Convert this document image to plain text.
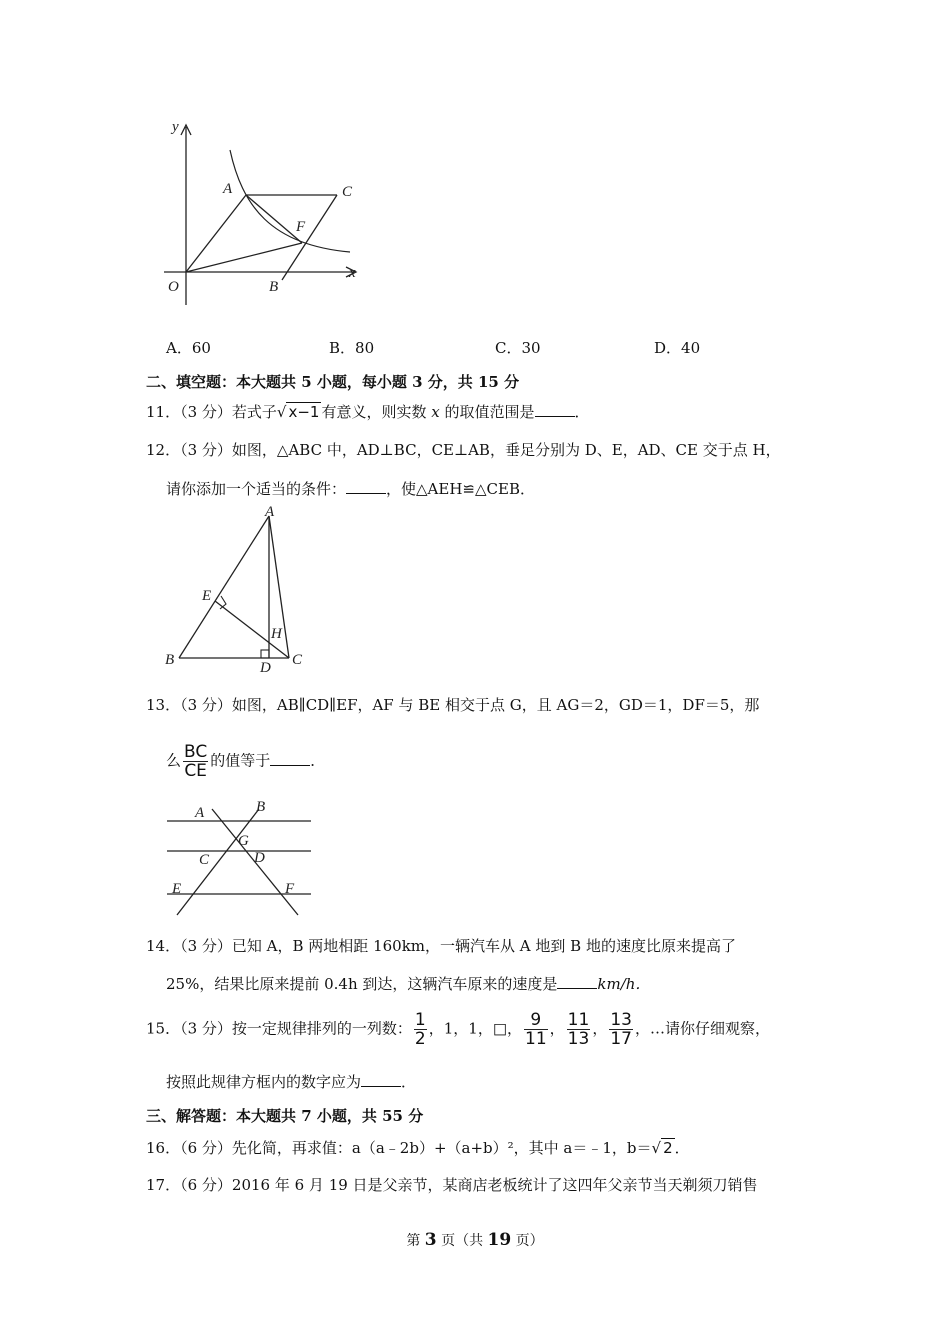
y
x
O
A
B
C
F
A．60	B．80	C．30	D．40
二、填空题：本大题共 5 小题，每小题 3 分，共 15 分
11．（3 分）若式子√ x−1 有意义，则实数 x 的取值范围是	．
12．（3 分）如图，△ABC 中，AD⊥BC，CE⊥AB，垂足分别为 D、E，AD、CE 交于点 H，
请你添加一个适当的条件：	，使△AEH≌△CEB．
A
B	C
D
E
H
13．（3 分）如图，AB∥CD∥EF，AF 与 BE 相交于点 G，且 AG＝2，GD＝1，DF＝5，那
么 $\frac{BC}{CE}$ 的值等于	．
A	B
C	D
E	F
G
14．（3 分）已知 A，B 两地相距 160km，一辆汽车从 A 地到 B 地的速度比原来提高了
25%，结果比原来提前 0.4h 到达，这辆汽车原来的速度是	km/h．
15．（3 分）按一定规律排列的一列数： $\frac{1}{2}$ ，1，1，□， $\frac{9}{11}$ ， $\frac{11}{13}$ ， $\frac{13}{17}$ ，…请你仔细观察，
按照此规律方框内的数字应为	．
三、解答题：本大题共 7 小题，共 55 分
16．（6 分）先化简，再求值：a（a﹣2b）+（a+b）²，其中 a＝﹣1，b＝√ 2 ．
17．（6 分）2016 年 6 月 19 日是父亲节，某商店老板统计了这四年父亲节当天剃须刀销售
第 3 页（共 19 页）
